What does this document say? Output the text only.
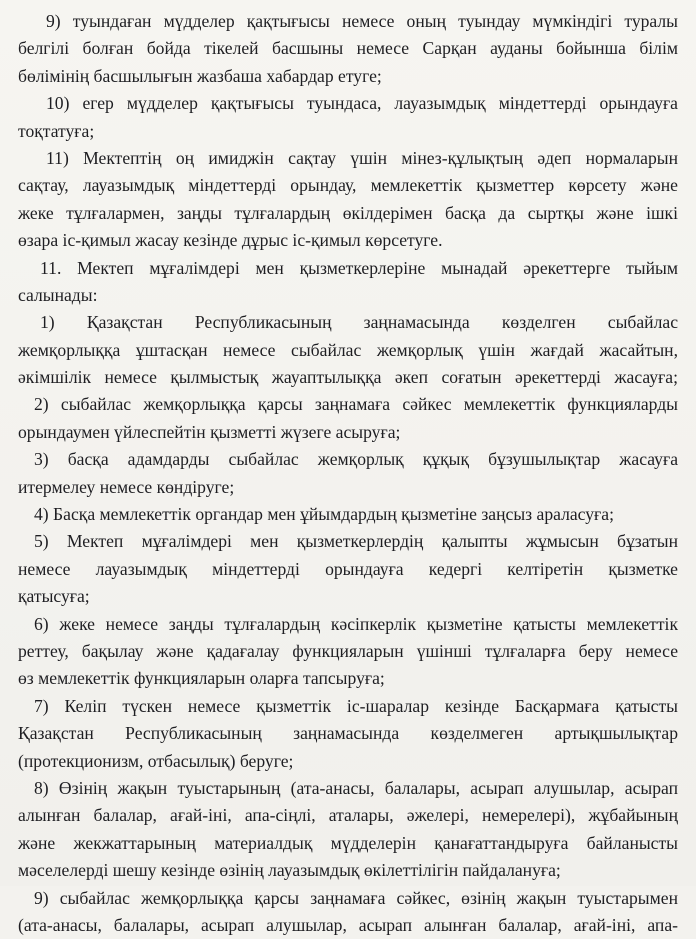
9) туындаған мүдделер қақтығысы немесе оның туындау мүмкіндігі туралы
белгілі болған бойда тікелей басшыны немесе Сарқан ауданы бойынша білім
бөлімінің басшылығын жазбаша хабардар етуге;
10) егер мүдделер қақтығысы туындаса, лауазымдық міндеттерді орындауға
тоқтатуға;
11) Мектептің оң имиджін сақтау үшін мінез-құлықтың әдеп нормаларын
сақтау, лауазымдық міндеттерді орындау, мемлекеттік қызметтер көрсету және
жеке тұлғалармен, заңды тұлғалардың өкілдерімен басқа да сыртқы және ішкі
өзара іс-қимыл жасау кезінде дұрыс іс-қимыл көрсетуге.
11. Мектеп мұғалімдері мен қызметкерлеріне мынадай әрекеттерге тыйым
салынады:
1) Қазақстан Республикасының заңнамасында көзделген сыбайлас
жемқорлыққа ұштасқан немесе сыбайлас жемқорлық үшін жағдай жасайтын,
әкімшілік немесе қылмыстық жауаптылыққа әкеп соғатын әрекеттерді жасауға;
2) сыбайлас жемқорлыққа қарсы заңнамаға сәйкес мемлекеттік функцияларды
орындаумен үйлеспейтін қызметті жүзеге асыруға;
3) басқа адамдарды сыбайлас жемқорлық құқық бұзушылықтар жасауға
итермелеу немесе көндіруге;
4) Басқа мемлекеттік органдар мен ұйымдардың қызметіне заңсыз араласуға;
5) Мектеп мұғалімдері мен қызметкерлердің қалыпты жұмысын бұзатын
немесе лауазымдық міндеттерді орындауға кедергі келтіретін қызметке
қатысуға;
6) жеке немесе заңды тұлғалардың кәсіпкерлік қызметіне қатысты мемлекеттік
реттеу, бақылау және қадағалау функцияларын үшінші тұлғаларға беру немесе
өз мемлекеттік функцияларын оларға тапсыруға;
7) Келіп түскен немесе қызметтік іс-шаралар кезінде Басқармаға қатысты
Қазақстан Республикасының заңнамасында көзделмеген артықшылықтар
(протекционизм, отбасылық) беруге;
8) Өзінің жақын туыстарының (ата-анасы, балалары, асырап алушылар, асырап
алынған балалар, ағай-іні, апа-сіңлі, аталары, әжелері, немерелері), жұбайының
және жекжаттарының материалдық мүдделерін қанағаттандыруға байланысты
мәселелерді шешу кезінде өзінің лауазымдық өкілеттілігін пайдалануға;
9) сыбайлас жемқорлыққа қарсы заңнамаға сәйкес, өзінің жақын туыстарымен
(ата-анасы, балалары, асырап алушылар, асырап алынған балалар, ағай-іні, апа-
